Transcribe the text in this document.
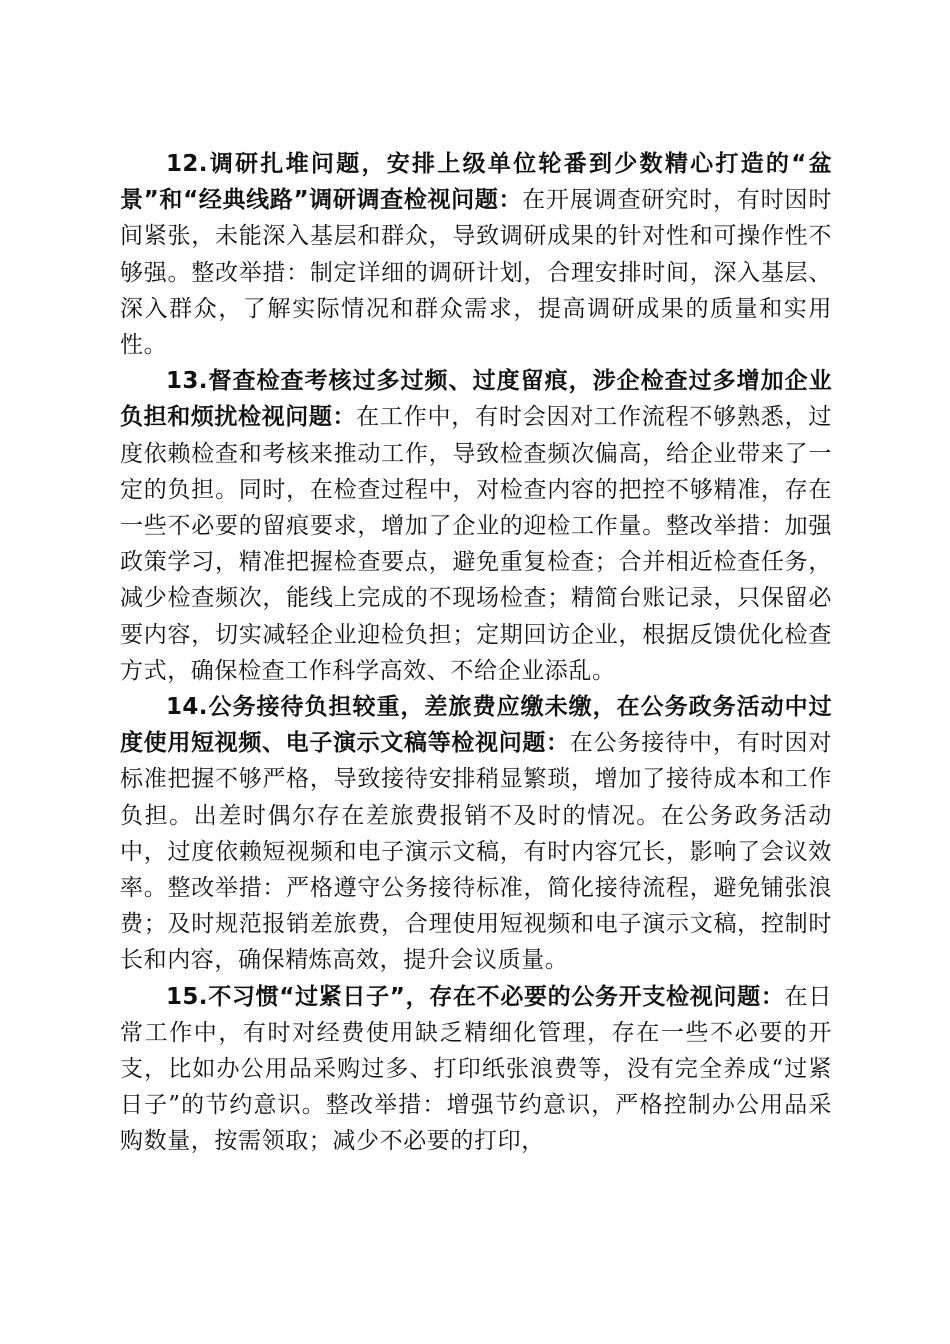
12.调研扎堆问题，安排上级单位轮番到少数精心打造的“盆景”和“经典线路”调研调查检视问题：在开展调查研究时，有时因时间紧张，未能深入基层和群众，导致调研成果的针对性和可操作性不够强。整改举措：制定详细的调研计划，合理安排时间，深入基层、深入群众，了解实际情况和群众需求，提高调研成果的质量和实用性。

13.督查检查考核过多过频、过度留痕，涉企检查过多增加企业负担和烦扰检视问题：在工作中，有时会因对工作流程不够熟悉，过度依赖检查和考核来推动工作，导致检查频次偏高，给企业带来了一定的负担。同时，在检查过程中，对检查内容的把控不够精准，存在一些不必要的留痕要求，增加了企业的迎检工作量。整改举措：加强政策学习，精准把握检查要点，避免重复检查；合并相近检查任务，减少检查频次，能线上完成的不现场检查；精简台账记录，只保留必要内容，切实减轻企业迎检负担；定期回访企业，根据反馈优化检查方式，确保检查工作科学高效、不给企业添乱。

14.公务接待负担较重，差旅费应缴未缴，在公务政务活动中过度使用短视频、电子演示文稿等检视问题：在公务接待中，有时因对标准把握不够严格，导致接待安排稍显繁琐，增加了接待成本和工作负担。出差时偶尔存在差旅费报销不及时的情况。在公务政务活动中，过度依赖短视频和电子演示文稿，有时内容冗长，影响了会议效率。整改举措：严格遵守公务接待标准，简化接待流程，避免铺张浪费；及时规范报销差旅费，合理使用短视频和电子演示文稿，控制时长和内容，确保精炼高效，提升会议质量。

15.不习惯“过紧日子”，存在不必要的公务开支检视问题：在日常工作中，有时对经费使用缺乏精细化管理，存在一些不必要的开支，比如办公用品采购过多、打印纸张浪费等，没有完全养成“过紧日子”的节约意识。整改举措：增强节约意识，严格控制办公用品采购数量，按需领取；减少不必要的打印，
